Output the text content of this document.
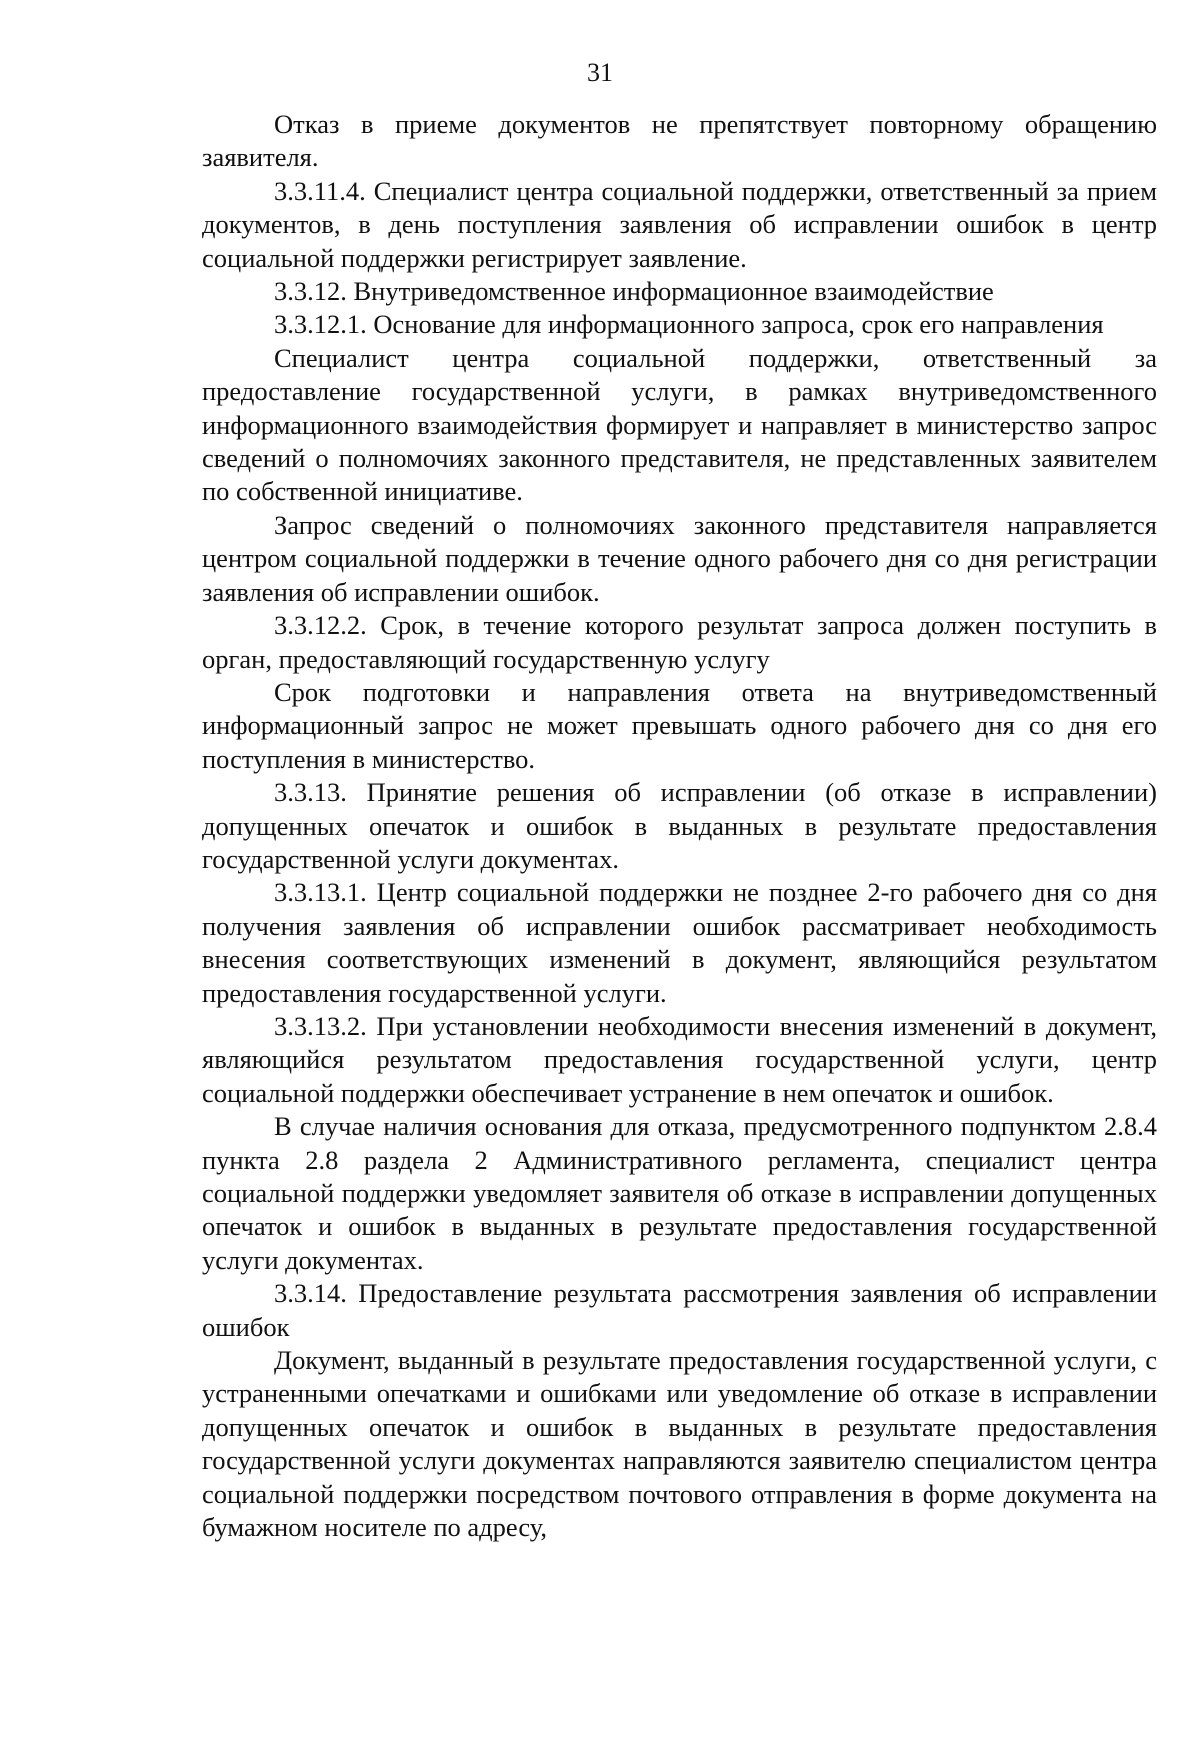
31

Отказ в приеме документов не препятствует повторному обращению заявителя.

3.3.11.4. Специалист центра социальной поддержки, ответственный за прием документов, в день поступления заявления об исправлении ошибок в центр социальной поддержки регистрирует заявление.

3.3.12. Внутриведомственное информационное взаимодействие

3.3.12.1. Основание для информационного запроса, срок его направления

Специалист центра социальной поддержки, ответственный за предоставление государственной услуги, в рамках внутриведомственного информационного взаимодействия формирует и направляет в министерство запрос сведений о полномочиях законного представителя, не представленных заявителем по собственной инициативе.

Запрос сведений о полномочиях законного представителя направляется центром социальной поддержки в течение одного рабочего дня со дня регистрации заявления об исправлении ошибок.

3.3.12.2. Срок, в течение которого результат запроса должен поступить в орган, предоставляющий государственную услугу

Срок подготовки и направления ответа на внутриведомственный информационный запрос не может превышать одного рабочего дня со дня его поступления в министерство.

3.3.13. Принятие решения об исправлении (об отказе в исправлении) допущенных опечаток и ошибок в выданных в результате предоставления государственной услуги документах.

3.3.13.1. Центр социальной поддержки не позднее 2-го рабочего дня со дня получения заявления об исправлении ошибок рассматривает необходимость внесения соответствующих изменений в документ, являющийся результатом предоставления государственной услуги.

3.3.13.2. При установлении необходимости внесения изменений в документ, являющийся результатом предоставления государственной услуги, центр социальной поддержки обеспечивает устранение в нем опечаток и ошибок.

В случае наличия основания для отказа, предусмотренного подпунктом 2.8.4 пункта 2.8 раздела 2 Административного регламента, специалист центра социальной поддержки уведомляет заявителя об отказе в исправлении допущенных опечаток и ошибок в выданных в результате предоставления государственной услуги документах.

3.3.14. Предоставление результата рассмотрения заявления об исправлении ошибок

Документ, выданный в результате предоставления государственной услуги, с устраненными опечатками и ошибками или уведомление об отказе в исправлении допущенных опечаток и ошибок в выданных в результате предоставления государственной услуги документах направляются заявителю специалистом центра социальной поддержки посредством почтового отправления в форме документа на бумажном носителе по адресу,
